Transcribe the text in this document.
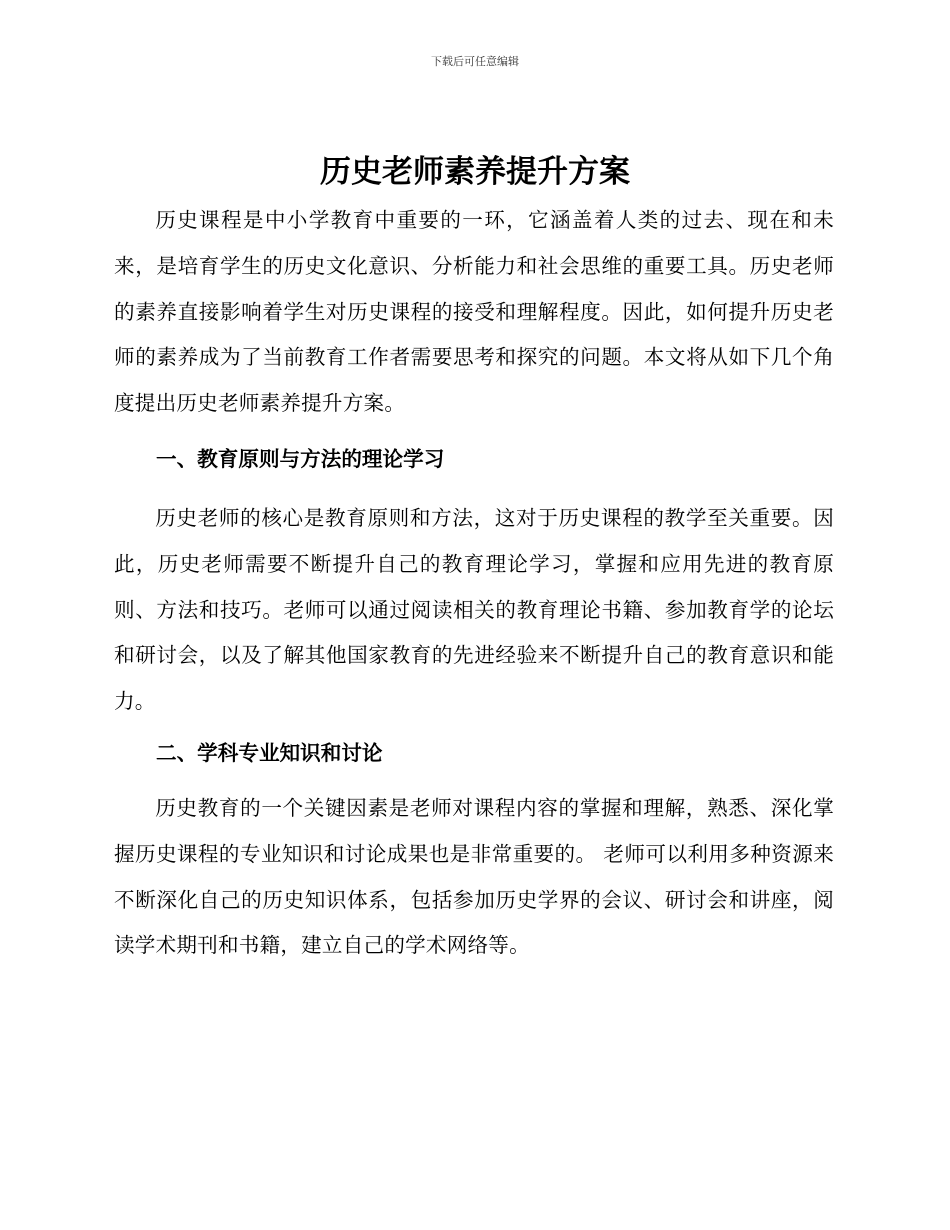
下载后可任意编辑
历史老师素养提升方案

历史课程是中小学教育中重要的一环，它涵盖着人类的过去、现在和未来，是培育学生的历史文化意识、分析能力和社会思维的重要工具。历史老师的素养直接影响着学生对历史课程的接受和理解程度。因此，如何提升历史老师的素养成为了当前教育工作者需要思考和探究的问题。本文将从如下几个角度提出历史老师素养提升方案。

一、教育原则与方法的理论学习

历史老师的核心是教育原则和方法，这对于历史课程的教学至关重要。因此，历史老师需要不断提升自己的教育理论学习，掌握和应用先进的教育原则、方法和技巧。老师可以通过阅读相关的教育理论书籍、参加教育学的论坛和研讨会，以及了解其他国家教育的先进经验来不断提升自己的教育意识和能力。

二、学科专业知识和讨论

历史教育的一个关键因素是老师对课程内容的掌握和理解，熟悉、深化掌握历史课程的专业知识和讨论成果也是非常重要的。 老师可以利用多种资源来不断深化自己的历史知识体系，包括参加历史学界的会议、研讨会和讲座，阅读学术期刊和书籍，建立自己的学术网络等。
